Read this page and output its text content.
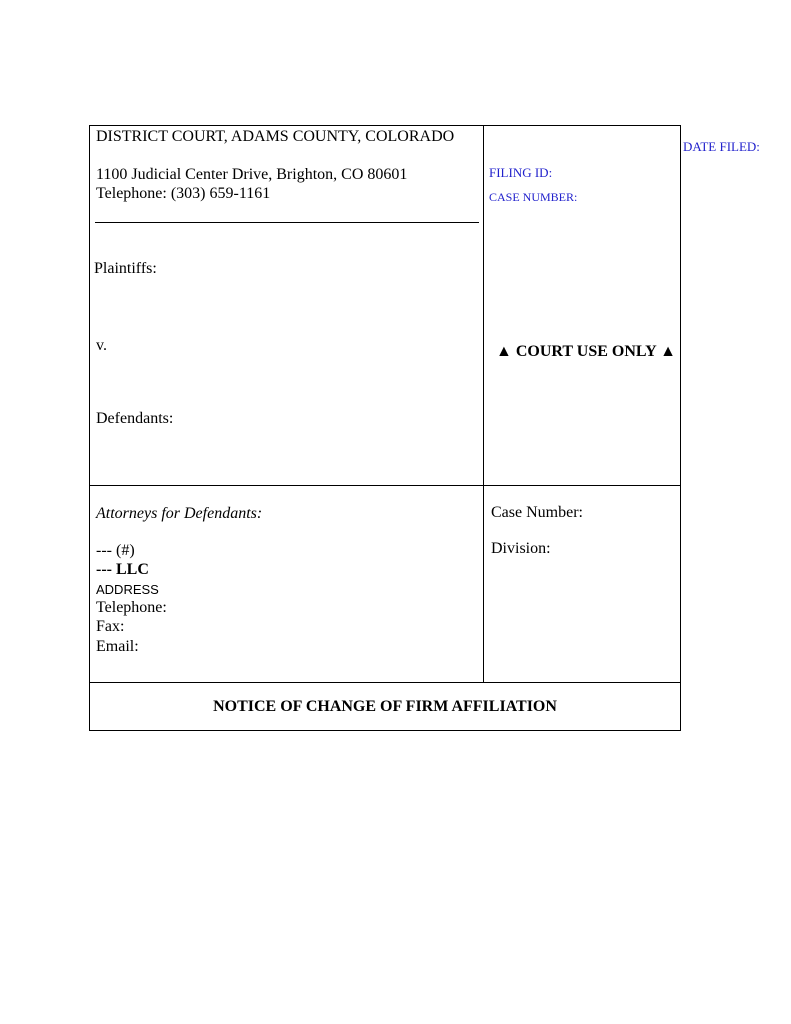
DATE FILED:
DISTRICT COURT, ADAMS COUNTY, COLORADO
1100 Judicial Center Drive, Brighton, CO 80601
Telephone: (303) 659-1161
Plaintiffs:
v.
Defendants:
FILING ID:
CASE NUMBER:
▲ COURT USE ONLY ▲
Attorneys for Defendants:
--- (#)
--- LLC
ADDRESS
Telephone:
Fax:
Email:
Case Number:
Division:
NOTICE OF CHANGE OF FIRM AFFILIATION
